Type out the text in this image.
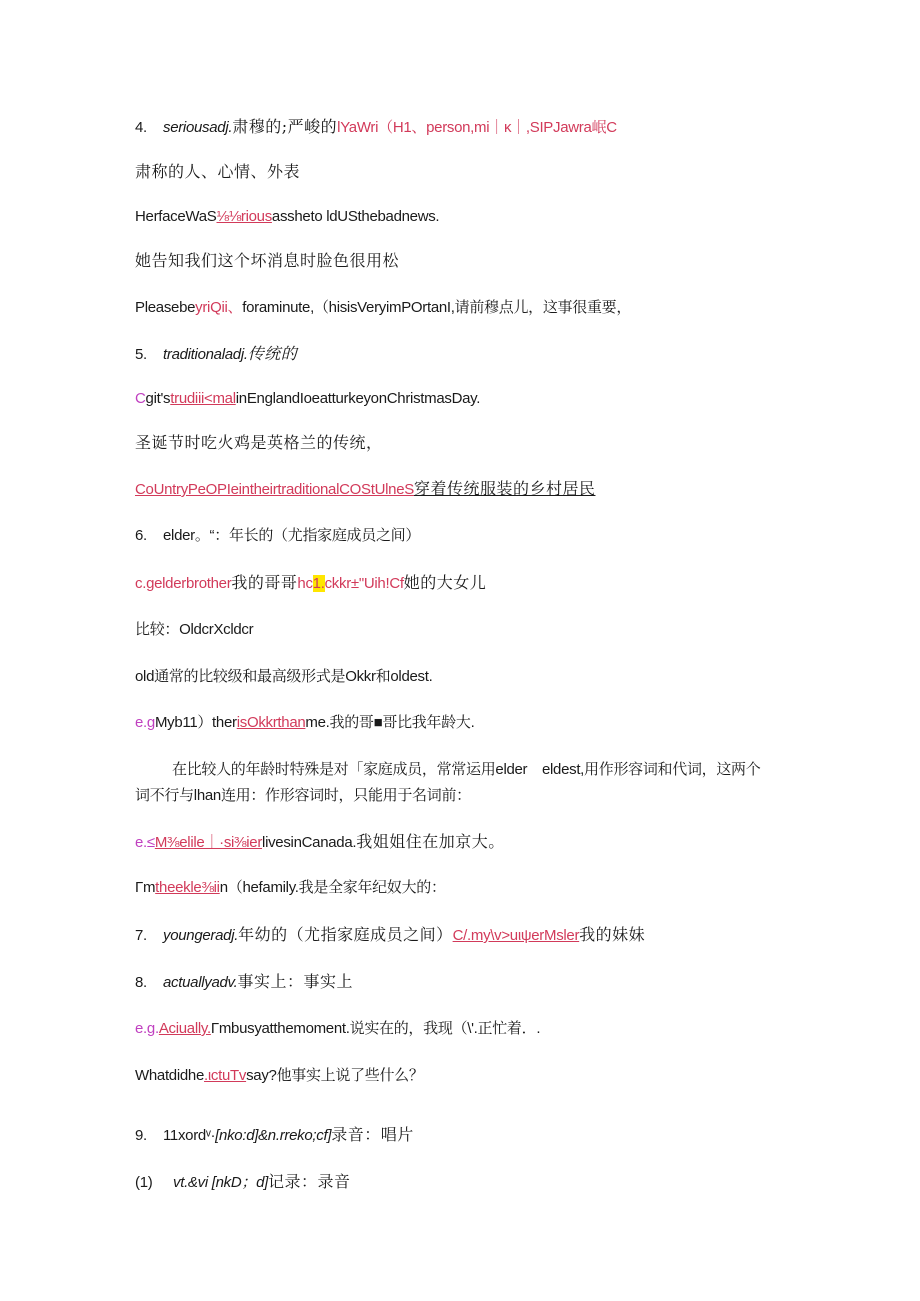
4. seriousadj.肃穆的;严峻的lYaWri（H1、person,mi｜κ｜,SIPJawra岷C
肃称的人、心情、外表
HerfaceWaS⅛⅛riousassheto ldUSthebadnews.
她告知我们这个坏消息时脸色很用松
PleasebeyriQii、foraminute,（hisisVeryimPOrtanI,请前穆点儿，这事很重要，
5. traditionaladj.传统的
Cgit'strudiii<malinEnglandIoeatturkeyonChristmasDay.
圣诞节时吃火鸡是英格兰的传统，
CoUntryPeOPIeintheirtraditionalCOStUlneS穿着传统服装的乡村居民
6. elder。“：年长的（尤指家庭成员之间）
c.gelderbrother我的哥哥hc1.ckkr±"Uih!Cf她的大女儿
比较：OldcrXcldcr
old通常的比较级和最高级形式是Okkr和oldest.
e.gMyb11）therisOkkrthanme.我的哥■哥比我年龄大.
在比较人的年龄时特殊是对「家庭成员，常常运用elder　eldest,用作形容词和代词，这两个词不行与lhan连用：作形容词时，只能用于名词前：
e.≤M⅜elile｜·si⅜ierlivesinCanada.我姐姐住在加京大。
Γmtheekle⅜iin（hefamily.我是全家年纪奴大的：
7. youngeradj.年幼的（尤指家庭成员之间）C/.my\v>uιψerMsler我的妹妹
8. actuallyadv.事实上：事实上
e.g.Aciually.Γmbusyatthemoment.说实在的，我现（\'.正忙着．.
Whatdidhe.ιctuTvsay?他事实上说了些什么？
9. 11xordᵛ·[nko:d]&n.rreko;cf]录音：唱片
(1) vt.&vi [nkD；d]记录：录音
